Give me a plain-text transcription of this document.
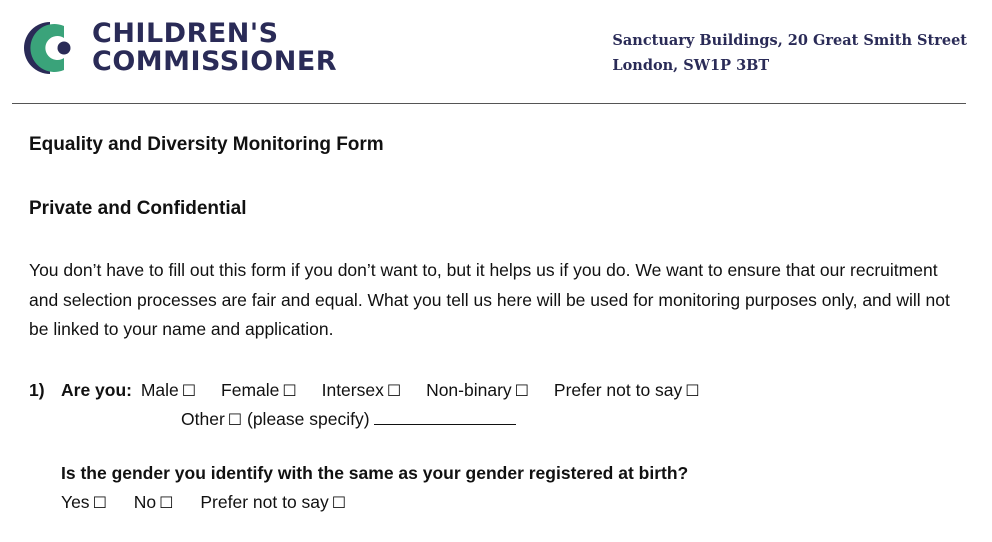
CHILDREN'S
COMMISSIONER
Sanctuary Buildings, 20 Great Smith Street
London, SW1P 3BT
Equality and Diversity Monitoring Form
Private and Confidential
You don’t have to fill out this form if you don’t want to, but it helps us if you do. We want to ensure that our recruitment and selection processes are fair and equal. What you tell us here will be used for monitoring purposes only, and will not be linked to your name and application.
1) Are you: Male ☐ Female ☐ Intersex ☐ Non-binary ☐ Prefer not to say ☐
Other ☐ (please specify)
Is the gender you identify with the same as your gender registered at birth?
Yes ☐ No ☐ Prefer not to say ☐
